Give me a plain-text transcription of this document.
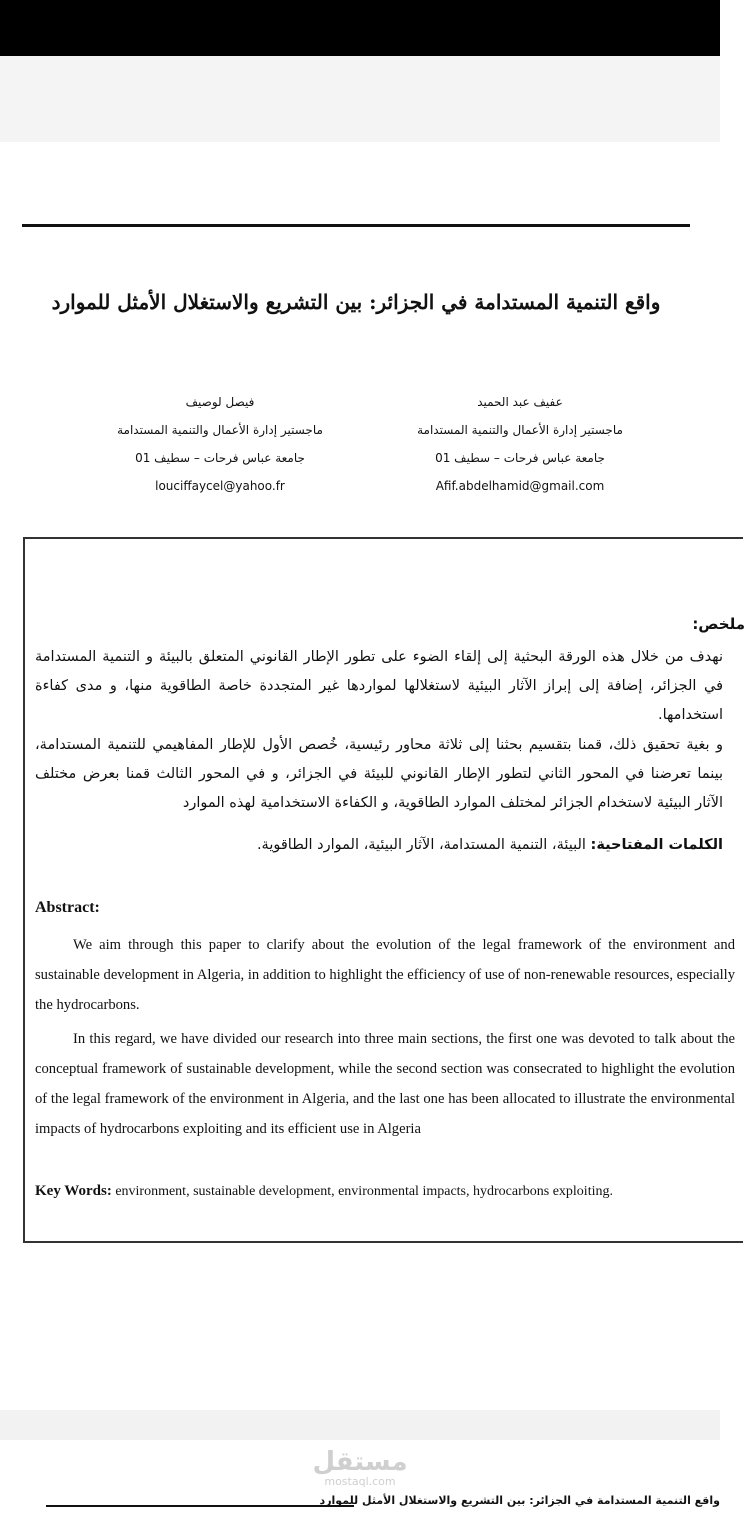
واقع التنمية المستدامة في الجزائر: بين التشريع والاستغلال الأمثل للموارد
عفيف عبد الحميد
ماجستير إدارة الأعمال والتنمية المستدامة
جامعة عباس فرحات – سطيف 01
Afif.abdelhamid@gmail.com
فيصل لوصيف
ماجستير إدارة الأعمال والتنمية المستدامة
جامعة عباس فرحات – سطيف 01
louciffaycel@yahoo.fr
ملخص:
نهدف من خلال هذه الورقة البحثية إلى إلقاء الضوء على تطور الإطار القانوني المتعلق بالبيئة و التنمية المستدامة في الجزائر، إضافة إلى إبراز الآثار البيئية لاستغلالها لمواردها غير المتجددة خاصة الطاقوية منها، و مدى كفاءة استخدامها.
و بغية تحقيق ذلك، قمنا بتقسيم بحثنا إلى ثلاثة محاور رئيسية، خُصص الأول للإطار المفاهيمي للتنمية المستدامة، بينما تعرضنا في المحور الثاني لتطور الإطار القانوني للبيئة في الجزائر، و في المحور الثالث قمنا بعرض مختلف الآثار البيئية لاستخدام الجزائر لمختلف الموارد الطاقوية، و الكفاءة الاستخدامية لهذه الموارد
الكلمات المفتاحية: البيئة، التنمية المستدامة، الآثار البيئية، الموارد الطاقوية.
Abstract:
We aim through this paper to clarify about the evolution of the legal framework of the environment and sustainable development in Algeria, in addition to highlight the efficiency of use of non-renewable resources, especially the hydrocarbons.
In this regard, we have divided our research into three main sections, the first one was devoted to talk about the conceptual framework of sustainable development, while the second section was consecrated to highlight the evolution of the legal framework of the environment in Algeria, and the last one has been allocated to illustrate the environmental impacts of hydrocarbons exploiting and its efficient use in Algeria
Key Words: environment, sustainable development, environmental impacts, hydrocarbons exploiting.
مستقل
mostaql.com
واقع التنمية المستدامة في الجزائر: بين التشريع والاستغلال الأمثل للموارد
